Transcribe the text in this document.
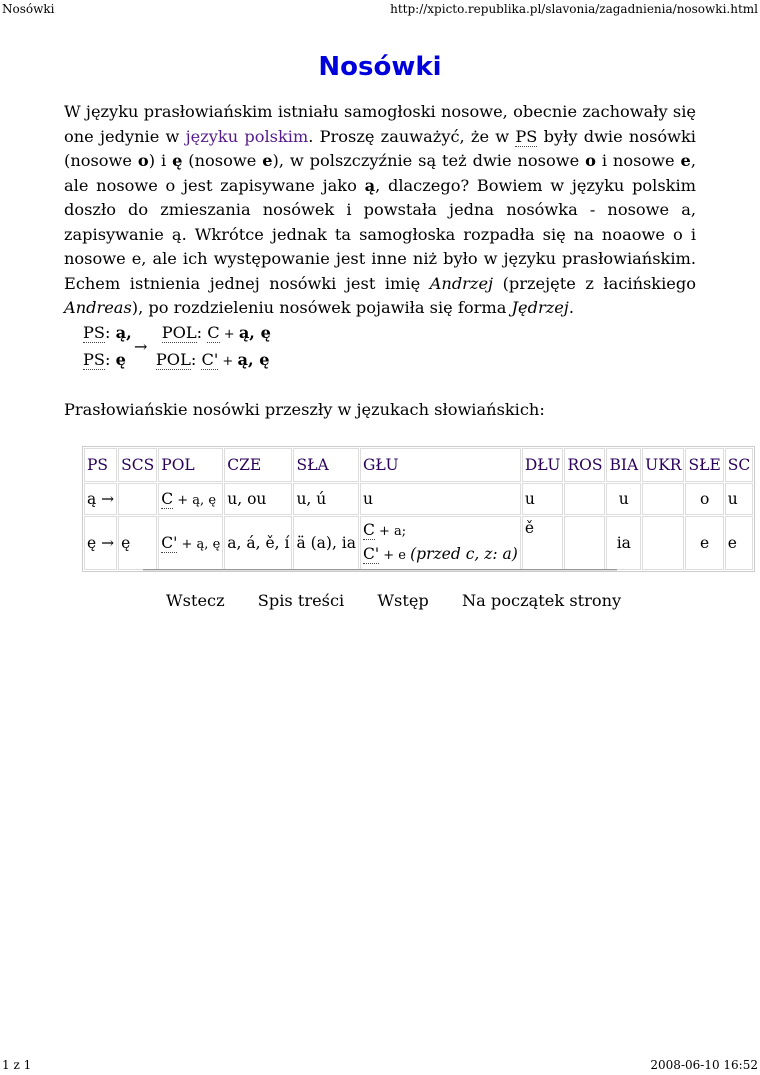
Nosówki	http://xpicto.republika.pl/slavonia/zagadnienia/nosowki.html
Nosówki

W języku prasłowiańskim istniału samogłoski nosowe, obecnie zachowały się one jedynie w języku polskim. Proszę zauważyć, że w PS były dwie nosówki (nosowe o) i ę (nosowe e), w polszczyźnie są też dwie nosowe o i nosowe e, ale nosowe o jest zapisywane jako ą, dlaczego? Bowiem w języku polskim doszło do zmieszania nosówek i powstała jedna nosówka - nosowe a, zapisywanie ą. Wkrótce jednak ta samogłoska rozpadła się na noaowe o i nosowe e, ale ich występowanie jest inne niż było w języku prasłowiańskim. Echem istnienia jednej nosówki jest imię Andrzej (przejęte z łacińskiego Andreas), po rozdzieleniu nosówek pojawiła się forma Jędrzej.

PS: ą, POL: C + ą, ę
→
PS: ę POL: C' + ą, ę
Prasłowiańskie nosówki przeszły w jęzukach słowiańskich:
PS	SCS	POL	CZE	SŁA	GŁU	DŁU	ROS	BIA	UKR	SŁE	SC
ą →		C + ą, ę	u, ou	u, ú	u	u		u		o	u
ę →	ę	C' + ą, ę	a, á, ě, í	ä (a), ia	C + a;
C' + e (przed c, z: a)	ě		ia		e	e
Wstecz Spis treści Wstęp Na początek strony
1 z 1	2008-06-10 16:52
